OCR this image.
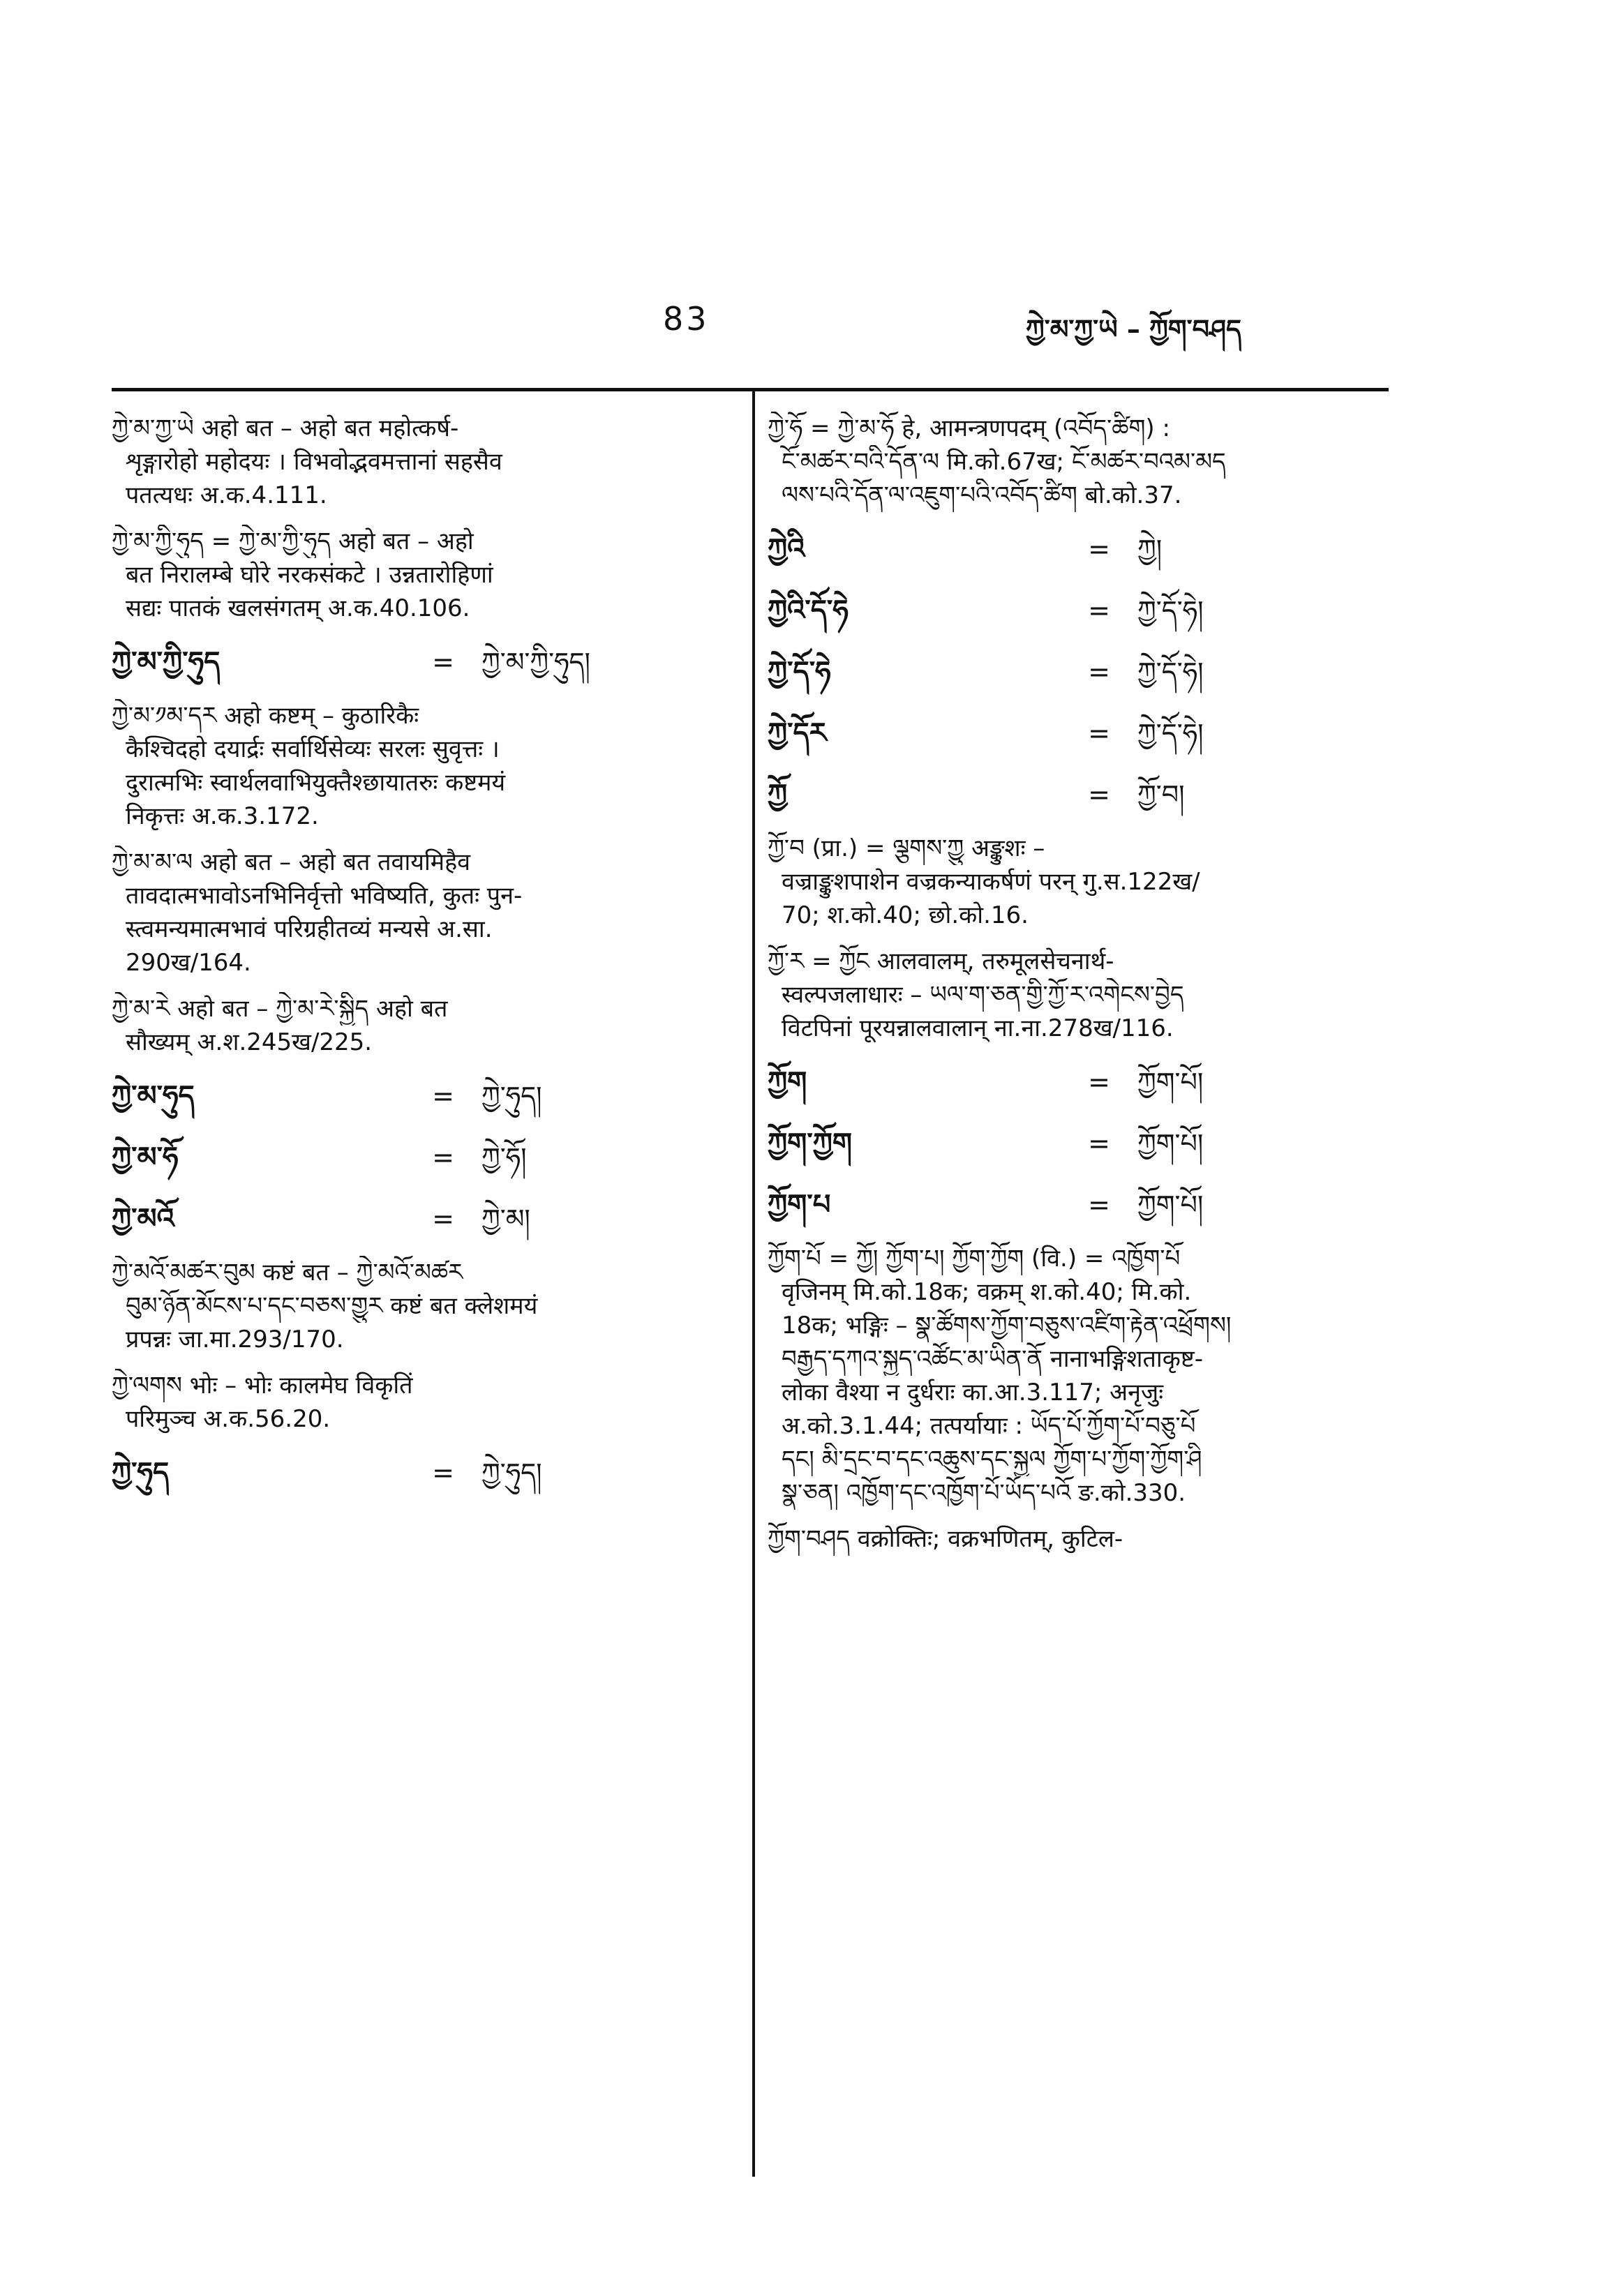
83	ཀྱེ་མ་ཀྱ་ཡེ – ཀྱོག་བཤད
ཀྱེ་མ་ཀྱ་ཡེ अहो बत – अहो बत महोत्कर्ष-
शृङ्गारोहो महोदयः । विभवोद्भवमत्तानां सहसैव
पतत्यधः अ.क.4.111.
ཀྱེ་མ་ཀྱི་ཧུད = ཀྱེ་མ་ཀྱི་ཧུད अहो बत – अहो
बत निरालम्बे घोरे नरकसंकटे । उन्नतारोहिणां
सद्यः पातकं खलसंगतम् अ.क.40.106.
ཀྱེ་མ་ཀྱི་ཧུད	=	ཀྱེ་མ་ཀྱི་ཧུད།
ཀྱེ་མ་༡མ་དར अहो कष्टम् – कुठारिकैः
कैश्चिदहो दयार्द्रः सर्वार्थिसेव्यः सरलः सुवृत्तः ।
दुरात्मभिः स्वार्थलवाभियुक्तैश्छायातरुः कष्टमयं
निकृत्तः अ.क.3.172.
ཀྱེ་མ་མ་ལ अहो बत – अहो बत तवायमिहैव
तावदात्मभावोऽनभिनिर्वृत्तो भविष्यति, कुतः पुन-
स्त्वमन्यमात्मभावं परिग्रहीतव्यं मन्यसे अ.सा.
290ख/164.
ཀྱེ་མ་རེ अहो बत – ཀྱེ་མ་རེ་སྐྱིད अहो बत
सौख्यम् अ.श.245ख/225.
ཀྱེ་མ་ཧུད	=	ཀྱེ་ཧུད།
ཀྱེ་མ་ཧོ	=	ཀྱེ་ཧོ།
ཀྱེ་མའོ	=	ཀྱེ་མ།
ཀྱེ་མའོ་མཚར་བུམ कष्टं बत – ཀྱེ་མའོ་མཚར
བུམ་ཉོན་མོངས་པ་དང་བཅས་གྱུར कष्टं बत क्लेशमयं
प्रपन्नः जा.मा.293/170.
ཀྱེ་ལགས भोः – भोः कालमेघ विकृतिं
परिमुञ्च अ.क.56.20.
ཀྱེ་ཧུད	=	ཀྱེ་ཧུད།
ཀྱེ་ཧོ = ཀྱེ་མ་ཧོ हे, आमन्त्रणपदम् (འབོད་ཚིག) :
ངོ་མཚར་བའི་དོན་ལ मि.को.67ख; ངོ་མཚར་བའམ་མད
ལས་པའི་དོན་ལ་འཇུག་པའི་འབོད་ཚིག बो.को.37.
ཀྱེའི	=	ཀྱེ།
ཀྱེའི་དོ་ཧེ	=	ཀྱེ་དོ་ཧེ།
ཀྱེ་དོ་ཧེ	=	ཀྱེ་དོ་ཧེ།
ཀྱེ་དོར	=	ཀྱེ་དོ་ཧེ།
ཀྱོ	=	ཀྱོ་བ།
ཀྱོ་བ (प्रा.) = ལྕགས་ཀྱུ अङ्कुशः –
वज्राङ्कुशपाशेन वज्रकन्याकर्षणं परन् गु.स.122ख/
70; श.को.40; छो.को.16.
ཀྱོ་ར = ཀྱོང आलवालम्, तरुमूलसेचनार्थ-
स्वल्पजलाधारः – ཡལ་ག་ཅན་གྱི་ཀྱོ་ར་འགེངས་བྱེད
विटपिनां पूरयन्नालवालान् ना.ना.278ख/116.
ཀྱོག	=	ཀྱོག་པོ།
ཀྱོག་ཀྱོག	=	ཀྱོག་པོ།
ཀྱོག་པ	=	ཀྱོག་པོ།
ཀྱོག་པོ = ཀྱོ། ཀྱོག་པ། ཀྱོག་ཀྱོག (वि.) = འཁྱོག་པོ
वृजिनम् मि.को.18क; वक्रम् श.को.40; मि.को.
18क; भङ्गिः – སྣ་ཚོགས་ཀྱོག་བཅུས་འཛིག་རྟེན་འཕྲོགས།
བརྒྱད་དཀའ་སྐྱད་འཚོང་མ་ཡིན་ནོ नानाभङ्गिशताकृष्ट-
लोका वैश्या न दुर्धराः का.आ.3.117; अनृजुः
अ.को.3.1.44; तत्पर्यायाः : ཡོད་པོ་ཀྱོག་པོ་བཅུ་པོ
དང། མི་དྲང་བ་དང་འཆུས་དང་སྐྱལ ཀྱོག་པ་ཀྱོག་ཀྱོག་ཤི
སྣ་ཅན། འཁྱོག་དང་འཁྱོག་པོ་ཡོད་པའོ ङ.को.330.
ཀྱོག་བཤད वक्रोक्तिः; वक्रभणितम्, कुटिल-
